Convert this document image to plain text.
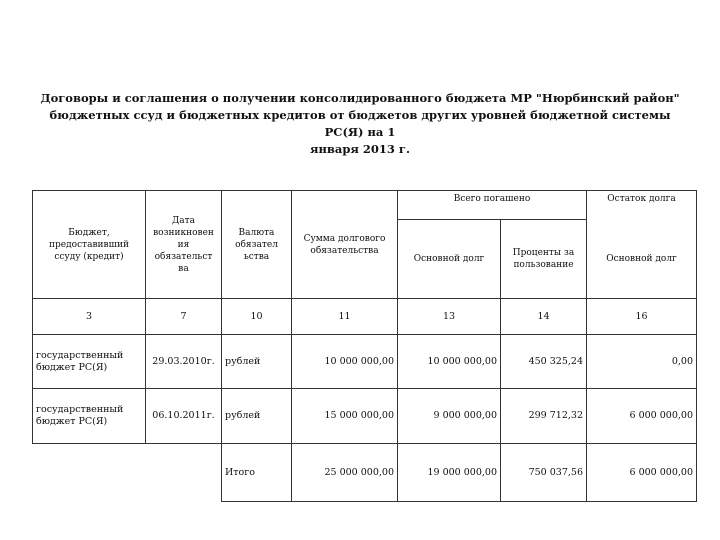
Договоры и соглашения о получении консолидированного бюджета МР "Нюрбинский район"
бюджетных ссуд и бюджетных кредитов от бюджетов других уровней бюджетной системы РС(Я) на 1
января 2013 г.
Бюджет, предоставивший ссуду (кредит)	Дата возникновен ия обязательст ва	Валюта обязател ьства	Сумма долгового обязательства	Всего погашено		Остаток долга
				Основной долг	Проценты за пользование	Основной долг
3	7	10	11	13	14	16
государственный бюджет РС(Я)	29.03.2010г.	рублей	10 000 000,00	10 000 000,00	450 325,24	0,00
государственный бюджет РС(Я)	06.10.2011г.	рублей	15 000 000,00	9 000 000,00	299 712,32	6 000 000,00
		Итого	25 000 000,00	19 000 000,00	750 037,56	6 000 000,00
